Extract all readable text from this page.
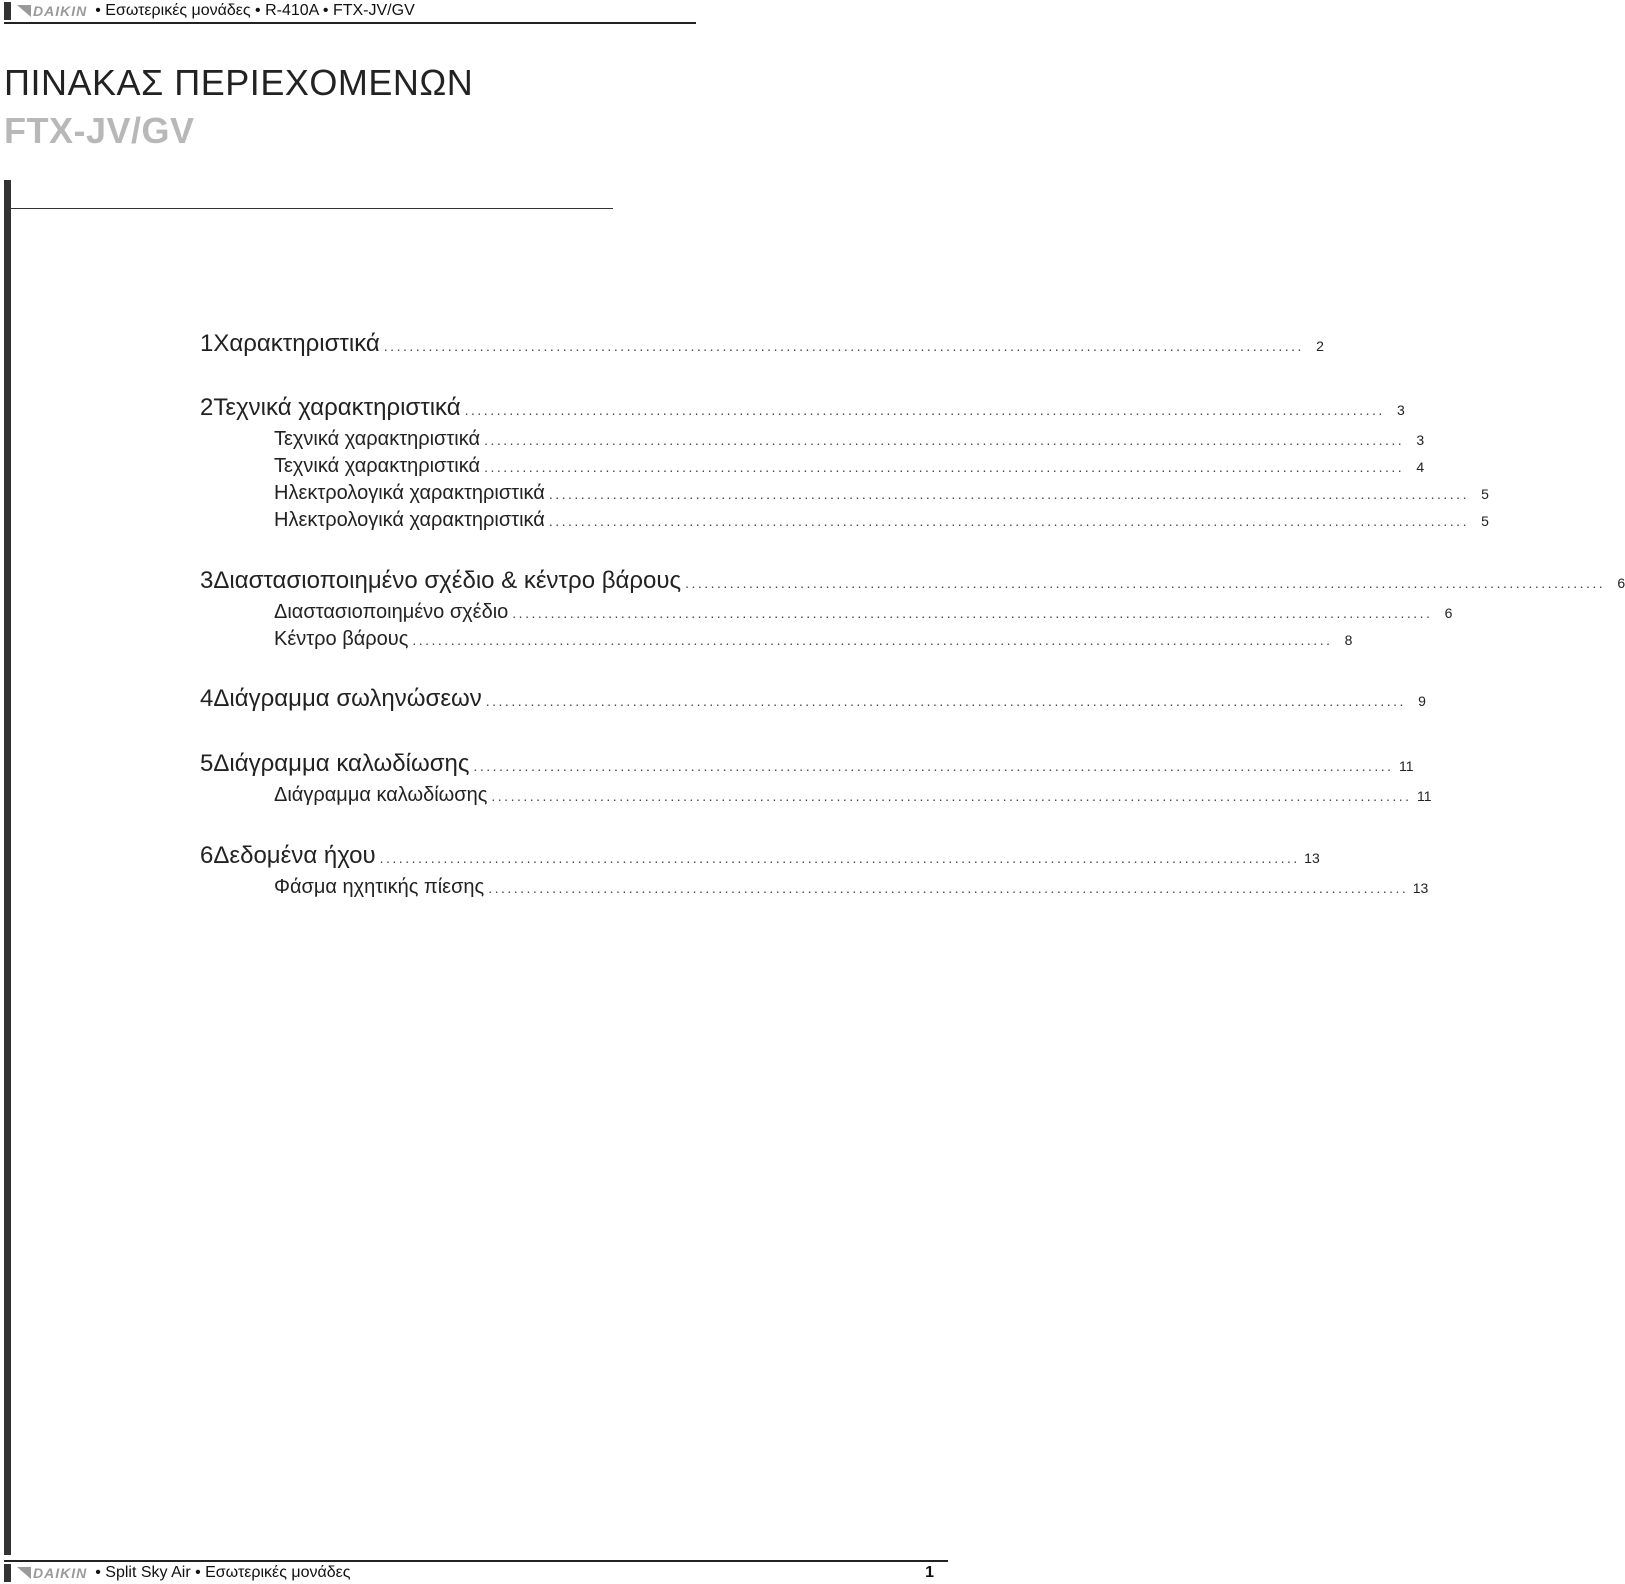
DAIKIN • Εσωτερικές μονάδες • R-410A • FTX-JV/GV
ΠΙΝΑΚΑΣ ΠΕΡΙΕΧΟΜΕΝΩΝ
FTX-JV/GV
1 Χαρακτηριστικά ................................................................................................................................................ 2
2 Τεχνικά χαρακτηριστικά ................................................................................................................................................ 3
Τεχνικά χαρακτηριστικά ................................................................................................................................................ 3
Τεχνικά χαρακτηριστικά ................................................................................................................................................ 4
Ηλεκτρολογικά χαρακτηριστικά ................................................................................................................................................ 5
Ηλεκτρολογικά χαρακτηριστικά ................................................................................................................................................ 5
3 Διαστασιοποιημένο σχέδιο & κέντρο βάρους ................................................................................................................................................ 6
Διαστασιοποιημένο σχέδιο ................................................................................................................................................ 6
Κέντρο βάρους ................................................................................................................................................ 8
4 Διάγραμμα σωληνώσεων ................................................................................................................................................ 9
5 Διάγραμμα καλωδίωσης ................................................................................................................................................ 11
Διάγραμμα καλωδίωσης ................................................................................................................................................ 11
6 Δεδομένα ήχου ................................................................................................................................................ 13
Φάσμα ηχητικής πίεσης ................................................................................................................................................ 13
DAIKIN • Split Sky Air • Εσωτερικές μονάδες	1
